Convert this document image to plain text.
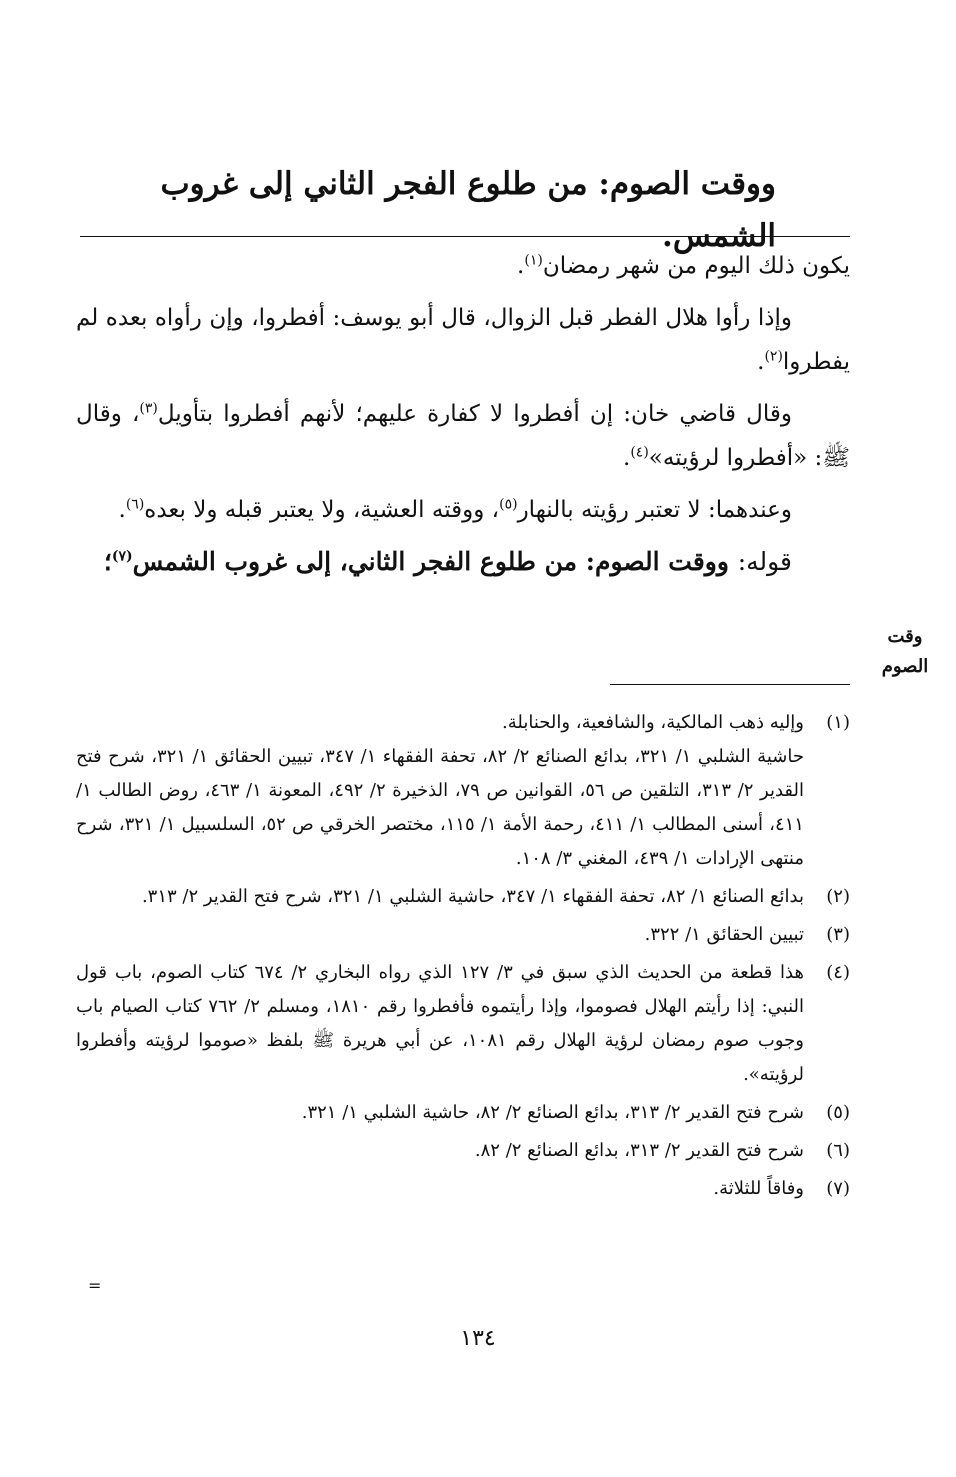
ووقت الصوم: من طلوع الفجر الثاني إلى غروب الشمس.

يكون ذلك اليوم من شهر رمضان$^{(١)}$.

وإذا رأوا هلال الفطر قبل الزوال، قال أبو يوسف: أفطروا، وإن رأواه بعده لم يفطروا$^{(٢)}$.

وقال قاضي خان: إن أفطروا لا كفارة عليهم؛ لأنهم أفطروا بتأويل$^{(٣)}$، وقال ﷺ: «أفطروا لرؤيته»$^{(٤)}$.

وعندهما: لا تعتبر رؤيته بالنهار$^{(٥)}$، ووقته العشية، ولا يعتبر قبله ولا بعده$^{(٦)}$.

قوله: ووقت الصوم: من طلوع الفجر الثاني، إلى غروب الشمس$^{(٧)}$؛

وقت
الصوم
(١)
وإليه ذهب المالكية، والشافعية، والحنابلة.
حاشية الشلبي ١/ ٣٢١، بدائع الصنائع ٢/ ٨٢، تحفة الفقهاء ١/ ٣٤٧، تبيين الحقائق ١/ ٣٢١، شرح فتح القدير ٢/ ٣١٣، التلقين ص ٥٦، القوانين ص ٧٩، الذخيرة ٢/ ٤٩٢، المعونة ١/ ٤٦٣، روض الطالب ١/ ٤١١، أسنى المطالب ١/ ٤١١، رحمة الأمة ١/ ١١٥، مختصر الخرقي ص ٥٢، السلسبيل ١/ ٣٢١، شرح منتهى الإرادات ١/ ٤٣٩، المغني ٣/ ١٠٨.
(٢)
بدائع الصنائع ١/ ٨٢، تحفة الفقهاء ١/ ٣٤٧، حاشية الشلبي ١/ ٣٢١، شرح فتح القدير ٢/ ٣١٣.
(٣)
تبيين الحقائق ١/ ٣٢٢.
(٤)
هذا قطعة من الحديث الذي سبق في ٣/ ١٢٧ الذي رواه البخاري ٢/ ٦٧٤ كتاب الصوم، باب قول النبي: إذا رأيتم الهلال فصوموا، وإذا رأيتموه فأفطروا رقم ١٨١٠، ومسلم ٢/ ٧٦٢ كتاب الصيام باب وجوب صوم رمضان لرؤية الهلال رقم ١٠٨١، عن أبي هريرة ﷺ بلفظ «صوموا لرؤيته وأفطروا لرؤيته».
(٥)
شرح فتح القدير ٢/ ٣١٣، بدائع الصنائع ٢/ ٨٢، حاشية الشلبي ١/ ٣٢١.
(٦)
شرح فتح القدير ٢/ ٣١٣، بدائع الصنائع ٢/ ٨٢.
(٧)
وفاقاً للثلاثة.
=
١٣٤
